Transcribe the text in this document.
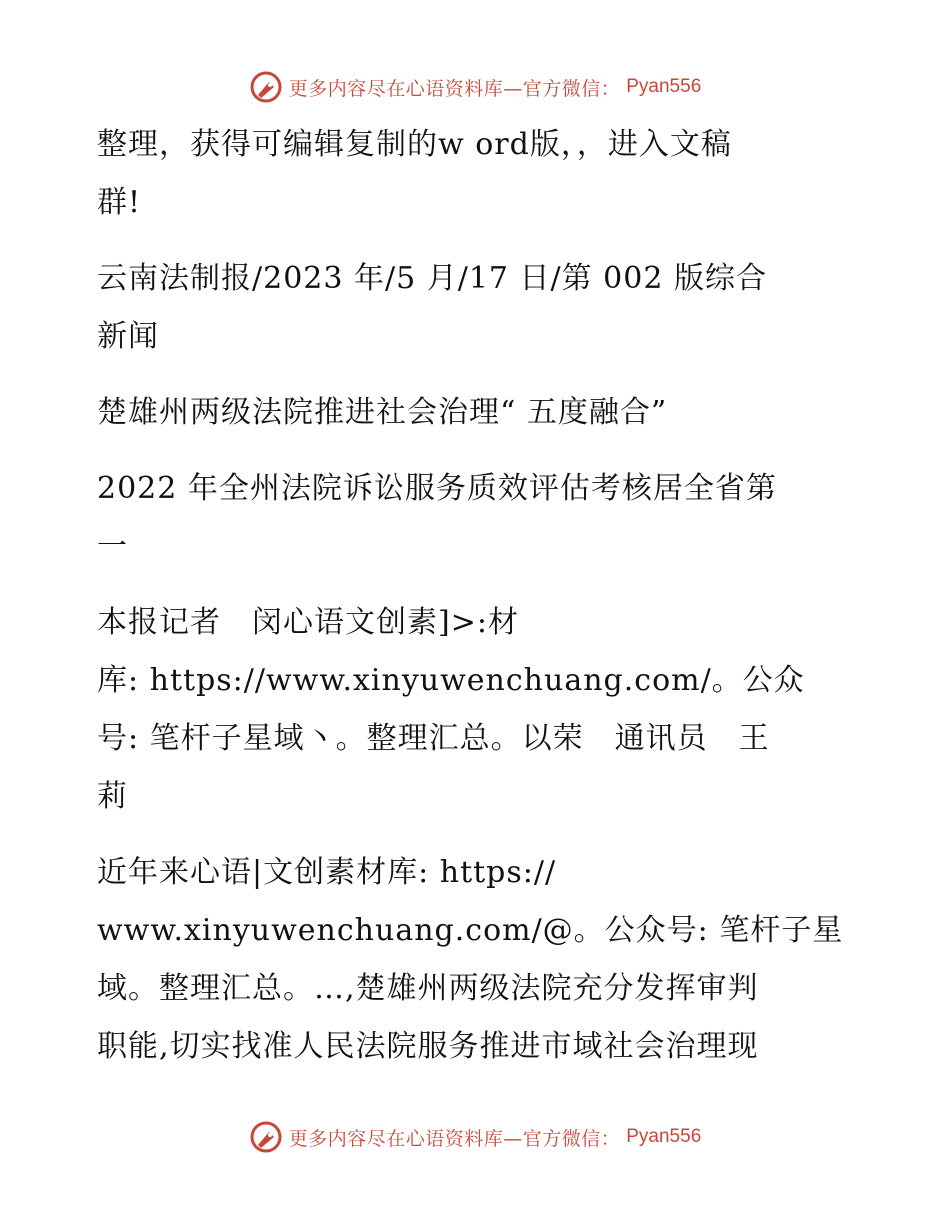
更多内容尽在心语资料库—官方微信： Pyan556
整理，获得可编辑复制的w ord版，，进入文稿
群!
云南法制报/2023 年/5 月/17 日/第 002 版综合
新闻
楚雄州两级法院推进社会治理“ 五度融合”
2022 年全州法院诉讼服务质效评估考核居全省第
一
本报记者　闵心语文创素]>:材
库: https://www.xinyuwenchuang.com/。公众
号: 笔杆子星域丶。整理汇总。以荣　通讯员　王
莉
近年来心语|文创素材库: https://
www.xinyuwenchuang.com/@。公众号: 笔杆子星
域。整理汇总。…,楚雄州两级法院充分发挥审判
职能,切实找准人民法院服务推进市域社会治理现
更多内容尽在心语资料库—官方微信： Pyan556
